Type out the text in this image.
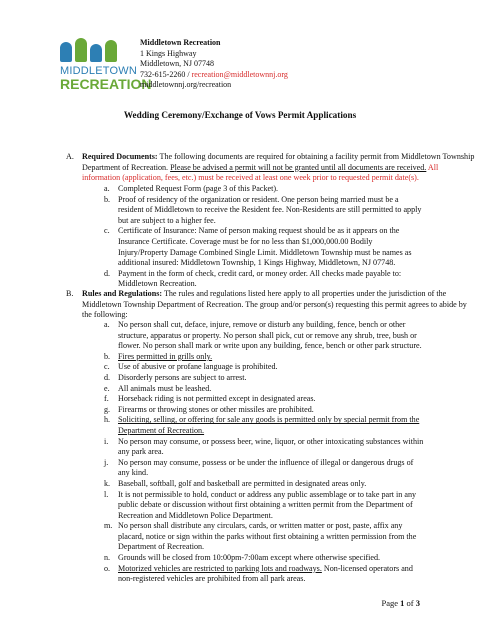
MIDDLETOWN
RECREATION
Middletown Recreation
1 Kings Highway
Middletown, NJ 07748
732-615-2260 / recreation@middletownnj.org
middletownnj.org/recreation
Wedding Ceremony/Exchange of Vows Permit Applications
A. Required Documents: The following documents are required for obtaining a facility permit from Middletown Township Department of Recreation. Please be advised a permit will not be granted until all documents are received. All information (application, fees, etc.) must be received at least one week prior to requested permit date(s).
a. Completed Request Form (page 3 of this Packet).
b. Proof of residency of the organization or resident. One person being married must be a resident of Middletown to receive the Resident fee. Non-Residents are still permitted to apply but are subject to a higher fee.
c. Certificate of Insurance: Name of person making request should be as it appears on the Insurance Certificate. Coverage must be for no less than $1,000,000.00 Bodily Injury/Property Damage Combined Single Limit. Middletown Township must be names as additional insured: Middletown Township, 1 Kings Highway, Middletown, NJ 07748.
d. Payment in the form of check, credit card, or money order. All checks made payable to: Middletown Recreation.
B. Rules and Regulations: The rules and regulations listed here apply to all properties under the jurisdiction of the Middletown Township Department of Recreation. The group and/or person(s) requesting this permit agrees to abide by the following:
a. No person shall cut, deface, injure, remove or disturb any building, fence, bench or other structure, apparatus or property. No person shall pick, cut or remove any shrub, tree, bush or flower. No person shall mark or write upon any building, fence, bench or other park structure.
b. Fires permitted in grills only.
c. Use of abusive or profane language is prohibited.
d. Disorderly persons are subject to arrest.
e. All animals must be leashed.
f. Horseback riding is not permitted except in designated areas.
g. Firearms or throwing stones or other missiles are prohibited.
h. Soliciting, selling, or offering for sale any goods is permitted only by special permit from the Department of Recreation.
i. No person may consume, or possess beer, wine, liquor, or other intoxicating substances within any park area.
j. No person may consume, possess or be under the influence of illegal or dangerous drugs of any kind.
k. Baseball, softball, golf and basketball are permitted in designated areas only.
l. It is not permissible to hold, conduct or address any public assemblage or to take part in any public debate or discussion without first obtaining a written permit from the Department of Recreation and Middletown Police Department.
m. No person shall distribute any circulars, cards, or written matter or post, paste, affix any placard, notice or sign within the parks without first obtaining a written permission from the Department of Recreation.
n. Grounds will be closed from 10:00pm-7:00am except where otherwise specified.
o. Motorized vehicles are restricted to parking lots and roadways. Non-licensed operators and non-registered vehicles are prohibited from all park areas.
Page 1 of 3
